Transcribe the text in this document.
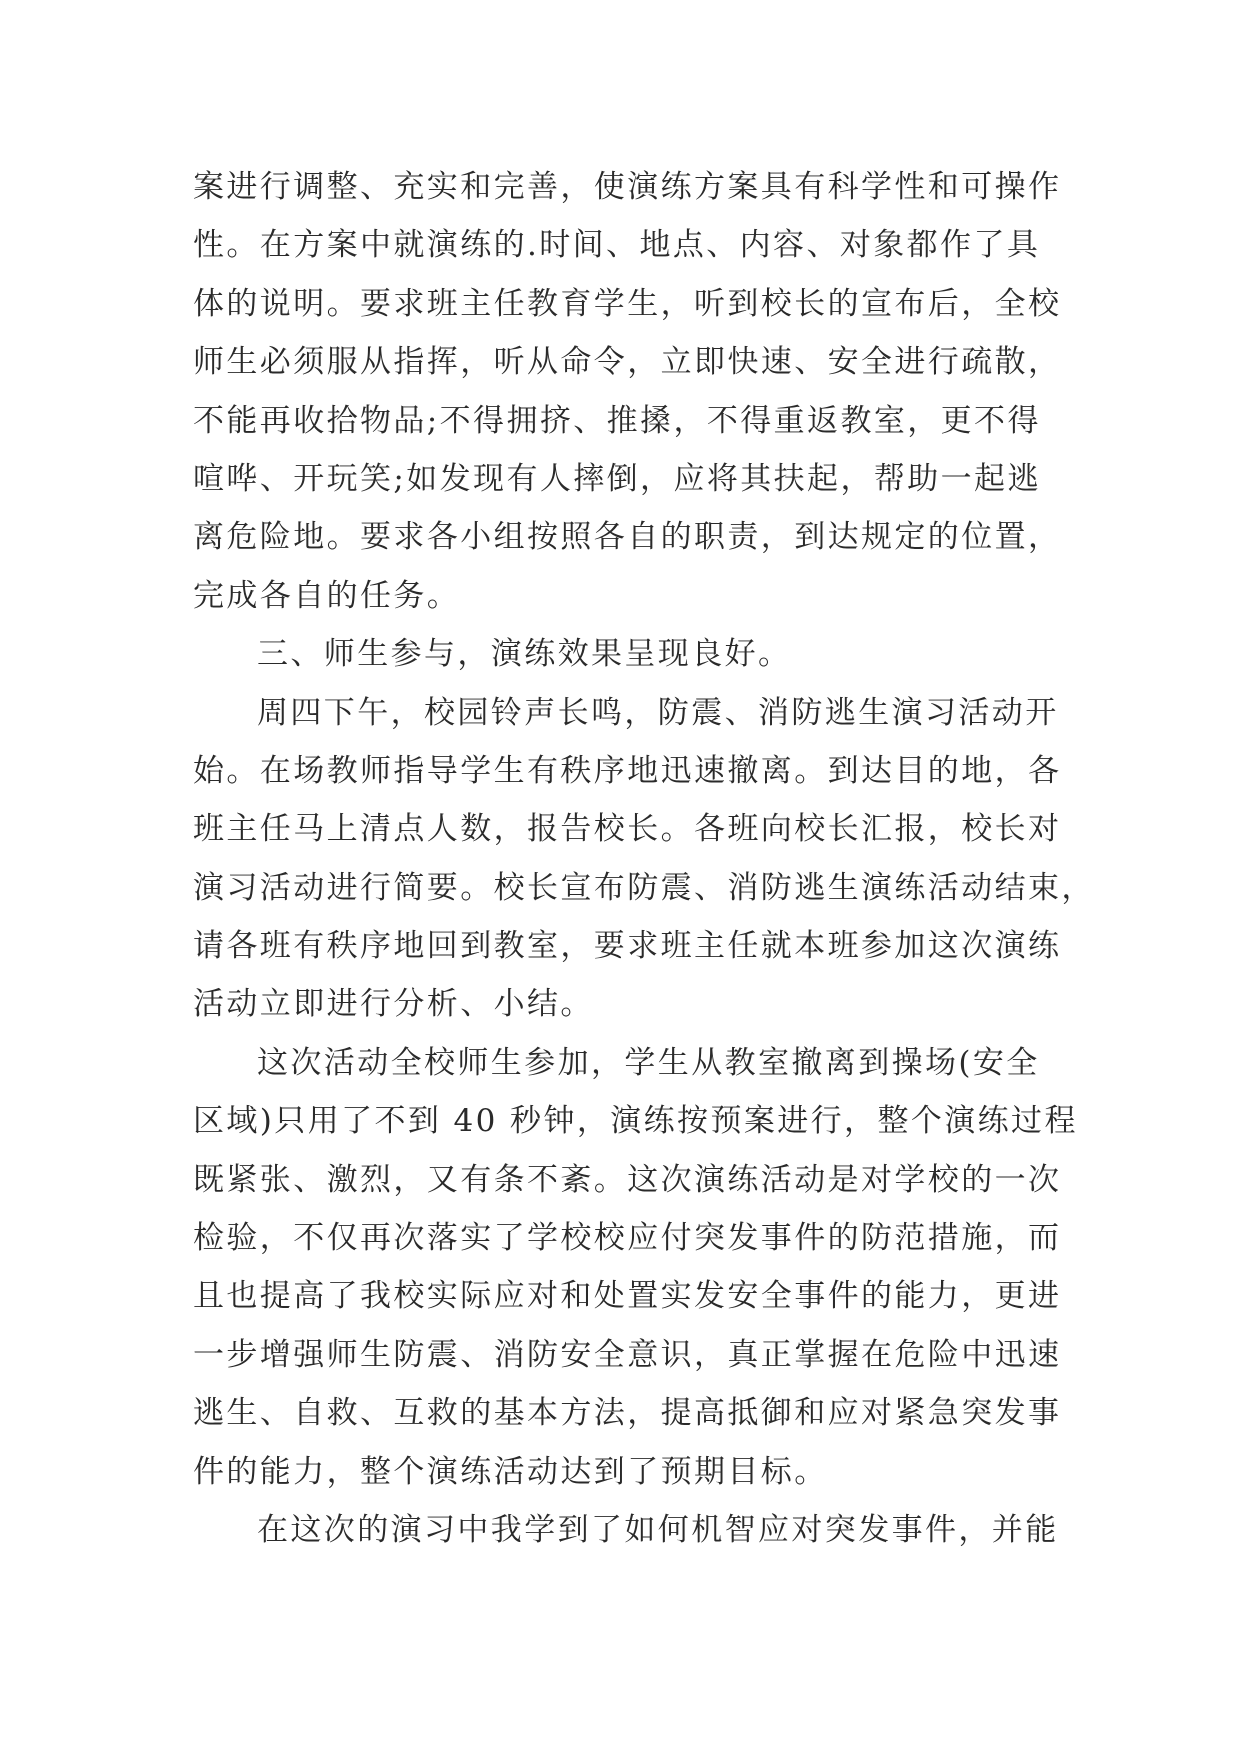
案进行调整、充实和完善，使演练方案具有科学性和可操作
性。在方案中就演练的.时间、地点、内容、对象都作了具
体的说明。要求班主任教育学生，听到校长的宣布后，全校
师生必须服从指挥，听从命令，立即快速、安全进行疏散，
不能再收拾物品;不得拥挤、推搡，不得重返教室，更不得
喧哗、开玩笑;如发现有人摔倒，应将其扶起，帮助一起逃
离危险地。要求各小组按照各自的职责，到达规定的位置，
完成各自的任务。
三、师生参与，演练效果呈现良好。
周四下午，校园铃声长鸣，防震、消防逃生演习活动开
始。在场教师指导学生有秩序地迅速撤离。到达目的地，各
班主任马上清点人数，报告校长。各班向校长汇报，校长对
演习活动进行简要。校长宣布防震、消防逃生演练活动结束，
请各班有秩序地回到教室，要求班主任就本班参加这次演练
活动立即进行分析、小结。
这次活动全校师生参加，学生从教室撤离到操场(安全
区域)只用了不到 40 秒钟，演练按预案进行，整个演练过程
既紧张、激烈，又有条不紊。这次演练活动是对学校的一次
检验，不仅再次落实了学校校应付突发事件的防范措施，而
且也提高了我校实际应对和处置实发安全事件的能力，更进
一步增强师生防震、消防安全意识，真正掌握在危险中迅速
逃生、自救、互救的基本方法，提高抵御和应对紧急突发事
件的能力，整个演练活动达到了预期目标。
在这次的演习中我学到了如何机智应对突发事件，并能
